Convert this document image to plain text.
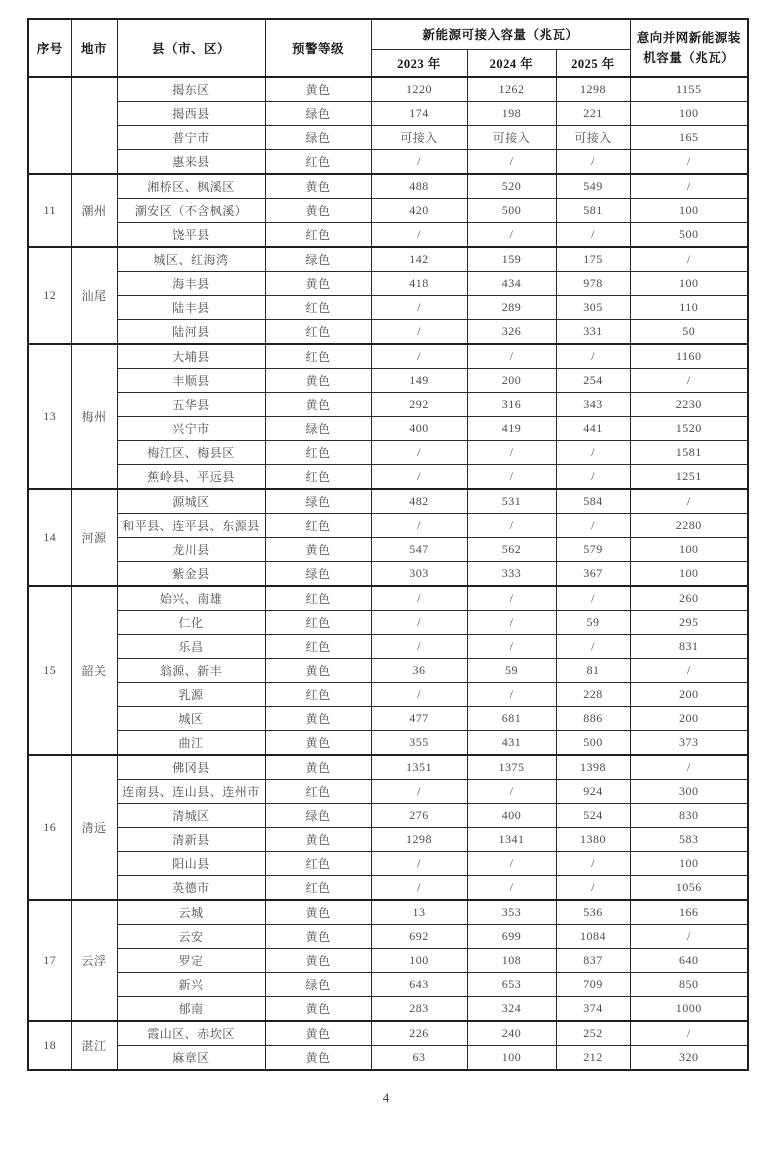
序号	地市	县（市、区）	预警等级	新能源可接入容量（兆瓦）			意向并网新能源装机容量（兆瓦）
				2023 年	2024 年	2025 年	
		揭东区	黄色	1220	1262	1298	1155
		揭西县	绿色	174	198	221	100
		普宁市	绿色	可接入	可接入	可接入	165
		惠来县	红色	/	/	/	/
11	潮州	湘桥区、枫溪区	黄色	488	520	549	/
		潮安区（不含枫溪）	黄色	420	500	581	100
		饶平县	红色	/	/	/	500
12	汕尾	城区、红海湾	绿色	142	159	175	/
		海丰县	黄色	418	434	978	100
		陆丰县	红色	/	289	305	110
		陆河县	红色	/	326	331	50
13	梅州	大埔县	红色	/	/	/	1160
		丰顺县	黄色	149	200	254	/
		五华县	黄色	292	316	343	2230
		兴宁市	绿色	400	419	441	1520
		梅江区、梅县区	红色	/	/	/	1581
		蕉岭县、平远县	红色	/	/	/	1251
14	河源	源城区	绿色	482	531	584	/
		和平县、连平县、东源县	红色	/	/	/	2280
		龙川县	黄色	547	562	579	100
		紫金县	绿色	303	333	367	100
15	韶关	始兴、南雄	红色	/	/	/	260
		仁化	红色	/	/	59	295
		乐昌	红色	/	/	/	831
		翁源、新丰	黄色	36	59	81	/
		乳源	红色	/	/	228	200
		城区	黄色	477	681	886	200
		曲江	黄色	355	431	500	373
16	清远	佛冈县	黄色	1351	1375	1398	/
		连南县、连山县、连州市	红色	/	/	924	300
		清城区	绿色	276	400	524	830
		清新县	黄色	1298	1341	1380	583
		阳山县	红色	/	/	/	100
		英德市	红色	/	/	/	1056
17	云浮	云城	黄色	13	353	536	166
		云安	黄色	692	699	1084	/
		罗定	黄色	100	108	837	640
		新兴	绿色	643	653	709	850
		郁南	黄色	283	324	374	1000
18	湛江	霞山区、赤坎区	黄色	226	240	252	/
		麻章区	黄色	63	100	212	320
4
